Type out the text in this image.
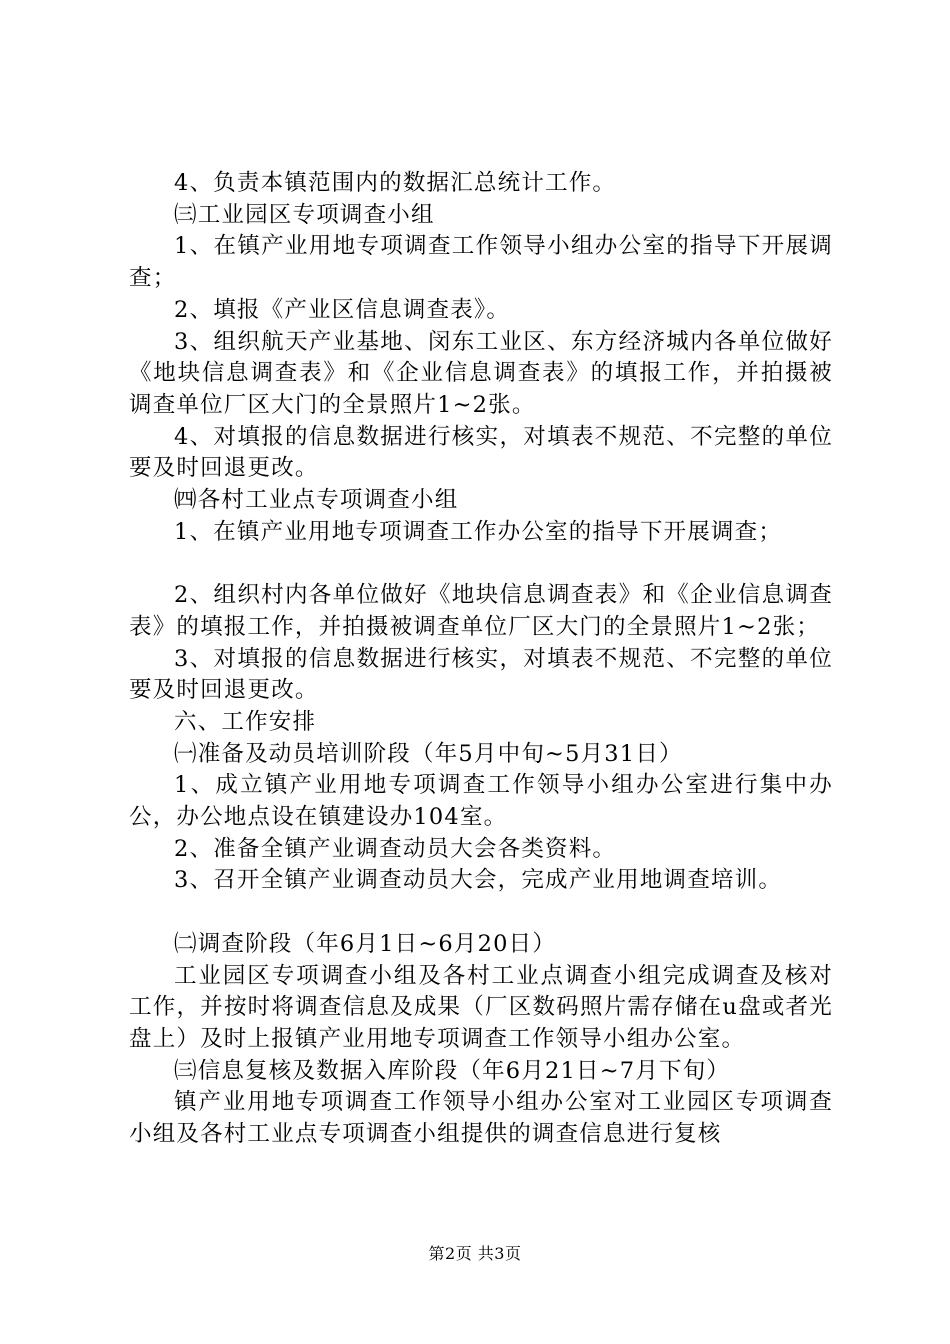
4、负责本镇范围内的数据汇总统计工作。

㈢工业园区专项调查小组

1、在镇产业用地专项调查工作领导小组办公室的指导下开展调查；

2、填报《产业区信息调查表》。

3、组织航天产业基地、闵东工业区、东方经济城内各单位做好《地块信息调查表》和《企业信息调查表》的填报工作，并拍摄被调查单位厂区大门的全景照片1~2张。

4、对填报的信息数据进行核实，对填表不规范、不完整的单位要及时回退更改。

㈣各村工业点专项调查小组

1、在镇产业用地专项调查工作办公室的指导下开展调查；

2、组织村内各单位做好《地块信息调查表》和《企业信息调查表》的填报工作，并拍摄被调查单位厂区大门的全景照片1~2张；

3、对填报的信息数据进行核实，对填表不规范、不完整的单位要及时回退更改。

六、工作安排

㈠准备及动员培训阶段（年5月中旬~5月31日）

1、成立镇产业用地专项调查工作领导小组办公室进行集中办公，办公地点设在镇建设办104室。

2、准备全镇产业调查动员大会各类资料。

3、召开全镇产业调查动员大会，完成产业用地调查培训。

㈡调查阶段（年6月1日~6月20日）

工业园区专项调查小组及各村工业点调查小组完成调查及核对工作，并按时将调查信息及成果（厂区数码照片需存储在u盘或者光盘上）及时上报镇产业用地专项调查工作领导小组办公室。

㈢信息复核及数据入库阶段（年6月21日~7月下旬）

镇产业用地专项调查工作领导小组办公室对工业园区专项调查小组及各村工业点专项调查小组提供的调查信息进行复核

第2页 共3页
